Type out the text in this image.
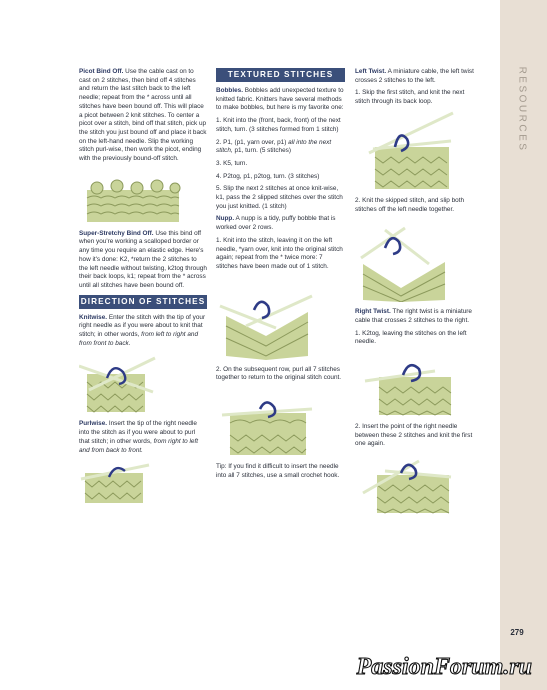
RESOURCES

Picot Bind Off. Use the cable cast on to cast on 2 stitches, then bind off 4 stitches and return the last stitch back to the left needle; repeat from the * across until all stitches have been bound off. This will place a picot between 2 knit stitches. To center a picot over a stitch, bind off that stitch, pick up the stitch you just bound off and place it back on the left-hand needle. Slip the working stitch purl-wise, then work the picot, ending with the previously bound-off stitch.

Super-Stretchy Bind Off. Use this bind off when you're working a scalloped border or any time you require an elastic edge. Here's how it's done: K2, *return the 2 stitches to the left needle without twisting, k2tog through their back loops, k1; repeat from the * across until all stitches have been bound off.

DIRECTION OF STITCHES

Knitwise. Enter the stitch with the tip of your right needle as if you were about to knit that stitch; in other words, from left to right and from front to back.

Purlwise. Insert the tip of the right needle into the stitch as if you were about to purl that stitch; in other words, from right to left and from back to front.

TEXTURED STITCHES

Bobbles. Bobbles add unexpected texture to knitted fabric. Knitters have several methods to make bobbles, but here is my favorite one:

1. Knit into the (front, back, front) of the next stitch, turn. (3 stitches formed from 1 stitch)

2. P1, (p1, yarn over, p1) all into the next stitch, p1, turn. (5 stitches)

3. K5, turn.

4. P2tog, p1, p2tog, turn. (3 stitches)

5. Slip the next 2 stitches at once knit-wise, k1, pass the 2 slipped stitches over the stitch you just knitted. (1 stitch)

Nupp. A nupp is a tidy, puffy bobble that is worked over 2 rows.

1. Knit into the stitch, leaving it on the left needle, *yarn over, knit into the original stitch again; repeat from the * twice more: 7 stitches have been made out of 1 stitch.

2. On the subsequent row, purl all 7 stitches together to return to the original stitch count.

Tip: If you find it difficult to insert the needle into all 7 stitches, use a small crochet hook.

Left Twist. A miniature cable, the left twist crosses 2 stitches to the left.

1. Skip the first stitch, and knit the next stitch through its back loop.

2. Knit the skipped stitch, and slip both stitches off the left needle together.

Right Twist. The right twist is a miniature cable that crosses 2 stitches to the right.

1. K2tog, leaving the stitches on the left needle.

2. Insert the point of the right needle between these 2 stitches and knit the first one again.

279
PassionForum.ru
